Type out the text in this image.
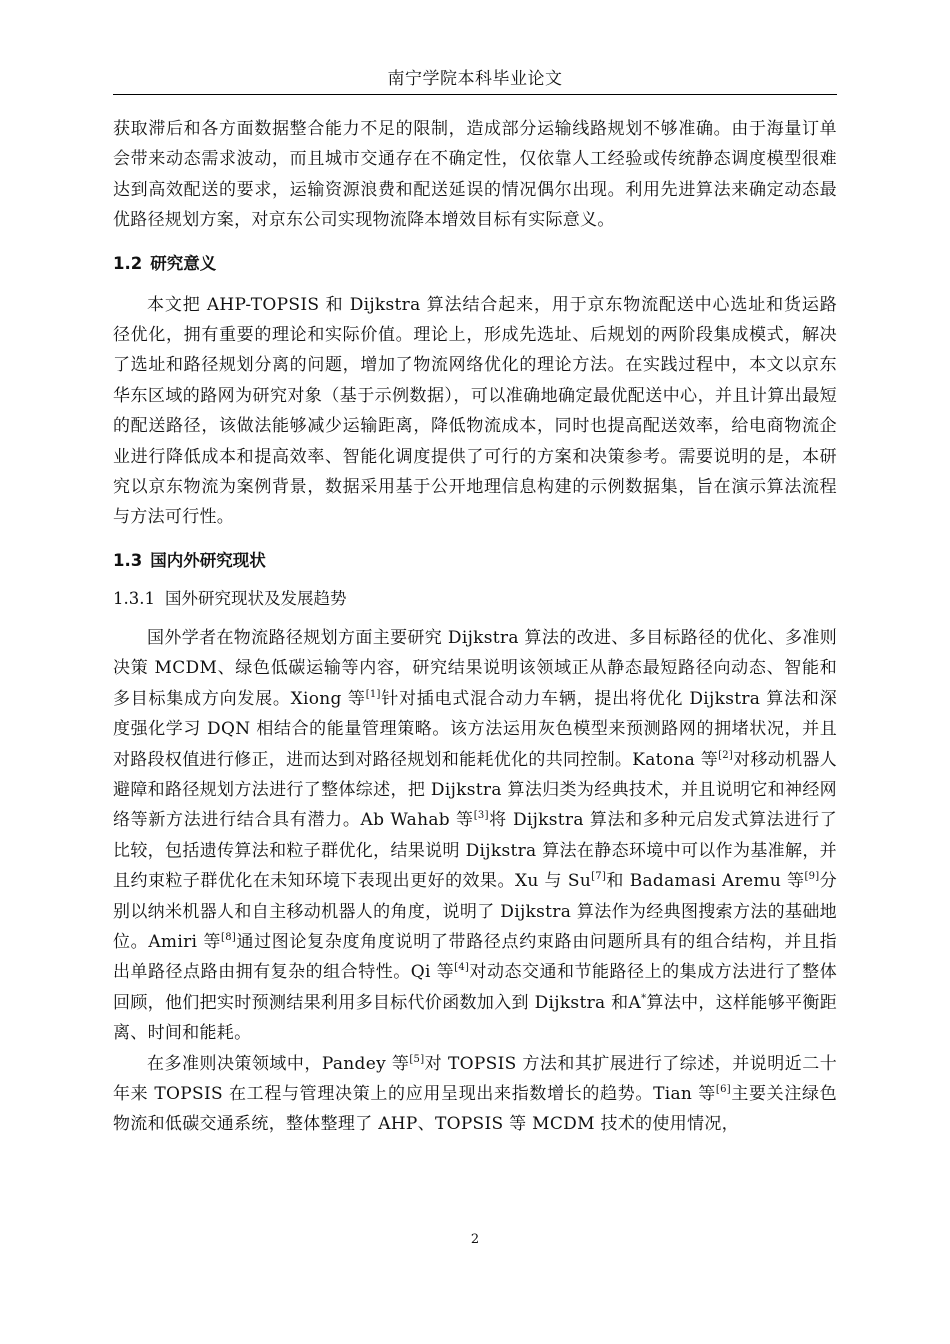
南宁学院本科毕业论文

获取滞后和各方面数据整合能力不足的限制，造成部分运输线路规划不够准确。由于海量订单会带来动态需求波动，而且城市交通存在不确定性，仅依靠人工经验或传统静态调度模型很难达到高效配送的要求，运输资源浪费和配送延误的情况偶尔出现。利用先进算法来确定动态最优路径规划方案，对京东公司实现物流降本增效目标有实际意义。

1.2 研究意义

本文把 AHP-TOPSIS 和 Dijkstra 算法结合起来，用于京东物流配送中心选址和货运路径优化，拥有重要的理论和实际价值。理论上，形成先选址、后规划的两阶段集成模式，解决了选址和路径规划分离的问题，增加了物流网络优化的理论方法。在实践过程中，本文以京东华东区域的路网为研究对象（基于示例数据），可以准确地确定最优配送中心，并且计算出最短的配送路径，该做法能够减少运输距离，降低物流成本，同时也提高配送效率，给电商物流企业进行降低成本和提高效率、智能化调度提供了可行的方案和决策参考。需要说明的是，本研究以京东物流为案例背景，数据采用基于公开地理信息构建的示例数据集，旨在演示算法流程与方法可行性。

1.3 国内外研究现状
1.3.1 国外研究现状及发展趋势

国外学者在物流路径规划方面主要研究 Dijkstra 算法的改进、多目标路径的优化、多准则决策 MCDM、绿色低碳运输等内容，研究结果说明该领域正从静态最短路径向动态、智能和多目标集成方向发展。Xiong 等[1]针对插电式混合动力车辆，提出将优化 Dijkstra 算法和深度强化学习 DQN 相结合的能量管理策略。该方法运用灰色模型来预测路网的拥堵状况，并且对路段权值进行修正，进而达到对路径规划和能耗优化的共同控制。Katona 等[2]对移动机器人避障和路径规划方法进行了整体综述，把 Dijkstra 算法归类为经典技术，并且说明它和神经网络等新方法进行结合具有潜力。Ab Wahab 等[3]将 Dijkstra 算法和多种元启发式算法进行了比较，包括遗传算法和粒子群优化，结果说明 Dijkstra 算法在静态环境中可以作为基准解，并且约束粒子群优化在未知环境下表现出更好的效果。Xu 与 Su[7]和 Badamasi Aremu 等[9]分别以纳米机器人和自主移动机器人的角度，说明了 Dijkstra 算法作为经典图搜索方法的基础地位。Amiri 等[8]通过图论复杂度角度说明了带路径点约束路由问题所具有的组合结构，并且指出单路径点路由拥有复杂的组合特性。Qi 等[4]对动态交通和节能路径上的集成方法进行了整体回顾，他们把实时预测结果利用多目标代价函数加入到 Dijkstra 和A*算法中，这样能够平衡距离、时间和能耗。

在多准则决策领域中，Pandey 等[5]对 TOPSIS 方法和其扩展进行了综述，并说明近二十年来 TOPSIS 在工程与管理决策上的应用呈现出来指数增长的趋势。Tian 等[6]主要关注绿色物流和低碳交通系统，整体整理了 AHP、TOPSIS 等 MCDM 技术的使用情况，

2
